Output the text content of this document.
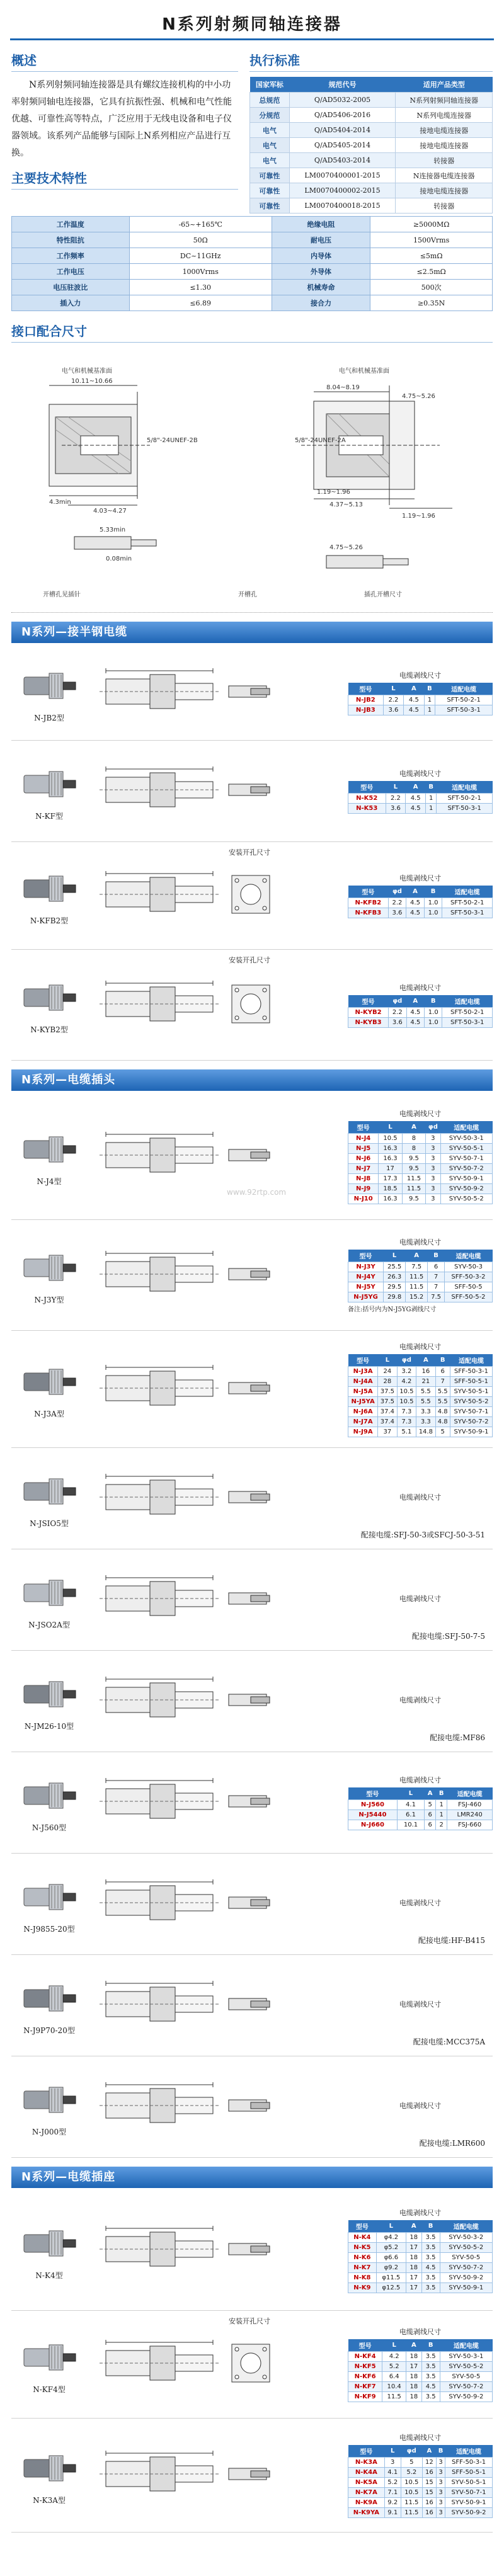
N系列射频同轴连接器
概述

N系列射频同轴连接器是具有螺纹连接机构的中小功率射频同轴电连接器，它具有抗振性强、机械和电气性能优越、可靠性高等特点，广泛应用于无线电设备和电子仪器领域。该系列产品能够与国际上N系列相应产品进行互换。

主要技术特性
执行标准
国家军标	规范代号	适用产品类型
总规范	Q/AD5032-2005	N系列射频同轴连接器
分规范	Q/AD5406-2016	N系列电缆连接器
电气	Q/AD5404-2014	接地电缆连接器
电气	Q/AD5405-2014	接地电缆连接器
电气	Q/AD5403-2014	转接器
可靠性	LM0070400001-2015	N连接器电缆连接器
可靠性	LM0070400002-2015	接地电缆连接器
可靠性	LM0070400018-2015	转接器
工作温度	-65~+165℃	绝缘电阻	≥5000MΩ
特性阻抗	50Ω	耐电压	1500Vrms
工作频率	DC~11GHz	内导体	≤5mΩ
工作电压	1000Vrms	外导体	≤2.5mΩ
电压驻波比	≤1.30	机械寿命	500次
插入力	≤6.89	接合力	≥0.35N
接口配合尺寸
电气和机械基准面	电气和机械基准面
10.11~10.66
8.04~8.19
4.75~5.26
4.3min
4.03~4.27
5.33min
0.08min
1.19~1.96
4.37~5.13
1.19~1.96
4.75~5.26
5/8"-24UNEF-2B	5/8"-24UNEF-2A
开槽孔见插针	开槽孔	插孔开槽尺寸
N系列—接半钢电缆
N-JB2型
电缆剥线尺寸
型号	L	A	B	适配电缆
N-JB2	2.2	4.5	1	SFT-50-2-1
N-JB3	3.6	4.5	1	SFT-50-3-1
N-KF型
电缆剥线尺寸
型号	L	A	B	适配电缆
N-K52	2.2	4.5	1	SFT-50-2-1
N-K53	3.6	4.5	1	SFT-50-3-1
N-KFB2型
安装开孔尺寸
电缆剥线尺寸
型号	φd	A	B	适配电缆
N-KFB2	2.2	4.5	1.0	SFT-50-2-1
N-KFB3	3.6	4.5	1.0	SFT-50-3-1
N-KYB2型
安装开孔尺寸
电缆剥线尺寸
型号	φd	A	B	适配电缆
N-KYB2	2.2	4.5	1.0	SFT-50-2-1
N-KYB3	3.6	4.5	1.0	SFT-50-3-1
N系列—电缆插头
N-J4型
电缆剥线尺寸
型号	L	A	φd	适配电缆
N-J4	10.5	8	3	SYV-50-3-1
N-J5	16.3	8	3	SYV-50-5-1
N-J6	16.3	9.5	3	SYV-50-7-1
N-J7	17	9.5	3	SYV-50-7-2
N-J8	17.3	11.5	3	SYV-50-9-1
N-J9	18.5	11.5	3	SYV-50-9-2
N-J10	16.3	9.5	3	SYV-50-5-2
N-J3Y型
电缆剥线尺寸
型号	L	A	B	适配电缆
N-J3Y	25.5	7.5	6	SYV-50-3
N-J4Y	26.3	11.5	7	SFF-50-3-2
N-J5Y	29.5	11.5	7	SFF-50-5
N-J5YG	29.8	15.2	7.5	SFF-50-5-2
备注:括号内为N-J5YG剥线尺寸
N-J3A型
电缆剥线尺寸
型号	L	φd	A	B	适配电缆
N-J3A	24	3.2	16	6	SFF-50-3-1
N-J4A	28	4.2	21	7	SFF-50-5-1
N-J5A	37.5	10.5	5.5	5.5	SYV-50-5-1
N-J5YA	37.5	10.5	5.5	5.5	SYV-50-5-2
N-J6A	37.4	7.3	3.3	4.8	SYV-50-7-1
N-J7A	37.4	7.3	3.3	4.8	SYV-50-7-2
N-J9A	37	5.1	14.8	5	SYV-50-9-1
N-JSIO5型
电缆剥线尺寸
配接电缆:SFJ-50-3或SFCJ-50-3-51
N-JSO2A型
电缆剥线尺寸
配接电缆:SFJ-50-7-5
N-JM26-10型
电缆剥线尺寸
配接电缆:MF86
N-J560型
电缆剥线尺寸
型号	L	A	B	适配电缆
N-J560	4.1	5	1	FSJ-460
N-J5440	6.1	6	1	LMR240
N-J660	10.1	6	2	FSJ-660
N-J9855-20型
电缆剥线尺寸
配接电缆:HF-B415
N-J9P70-20型
电缆剥线尺寸
配接电缆:MCC375A
N-J000型
电缆剥线尺寸
配接电缆:LMR600
www.92rtp.com
N系列—电缆插座
N-K4型
电缆剥线尺寸
型号	L	A	B	适配电缆
N-K4	φ4.2	18	3.5	SYV-50-3-2
N-K5	φ5.2	17	3.5	SYV-50-5-2
N-K6	φ6.6	18	3.5	SYV-50-5
N-K7	φ9.2	18	4.5	SYV-50-7-2
N-K8	φ11.5	17	3.5	SYV-50-9-2
N-K9	φ12.5	17	3.5	SYV-50-9-1
N-KF4型
安装开孔尺寸
电缆剥线尺寸
型号	L	A	B	适配电缆
N-KF4	4.2	18	3.5	SYV-50-3-1
N-KF5	5.2	17	3.5	SYV-50-5-2
N-KF6	6.4	18	3.5	SYV-50-5
N-KF7	10.4	18	4.5	SYV-50-7-2
N-KF9	11.5	18	3.5	SYV-50-9-2
N-K3A型
电缆剥线尺寸
型号	L	φd	A	B	适配电缆
N-K3A	3	5	12	3	SFF-50-3-1
N-K4A	4.1	5.2	16	3	SFF-50-5-1
N-K5A	5.2	10.5	15	3	SYV-50-5-1
N-K7A	7.1	10.5	15	3	SYV-50-7-1
N-K9A	9.2	11.5	16	3	SYV-50-9-1
N-K9YA	9.1	11.5	16	3	SYV-50-9-2
